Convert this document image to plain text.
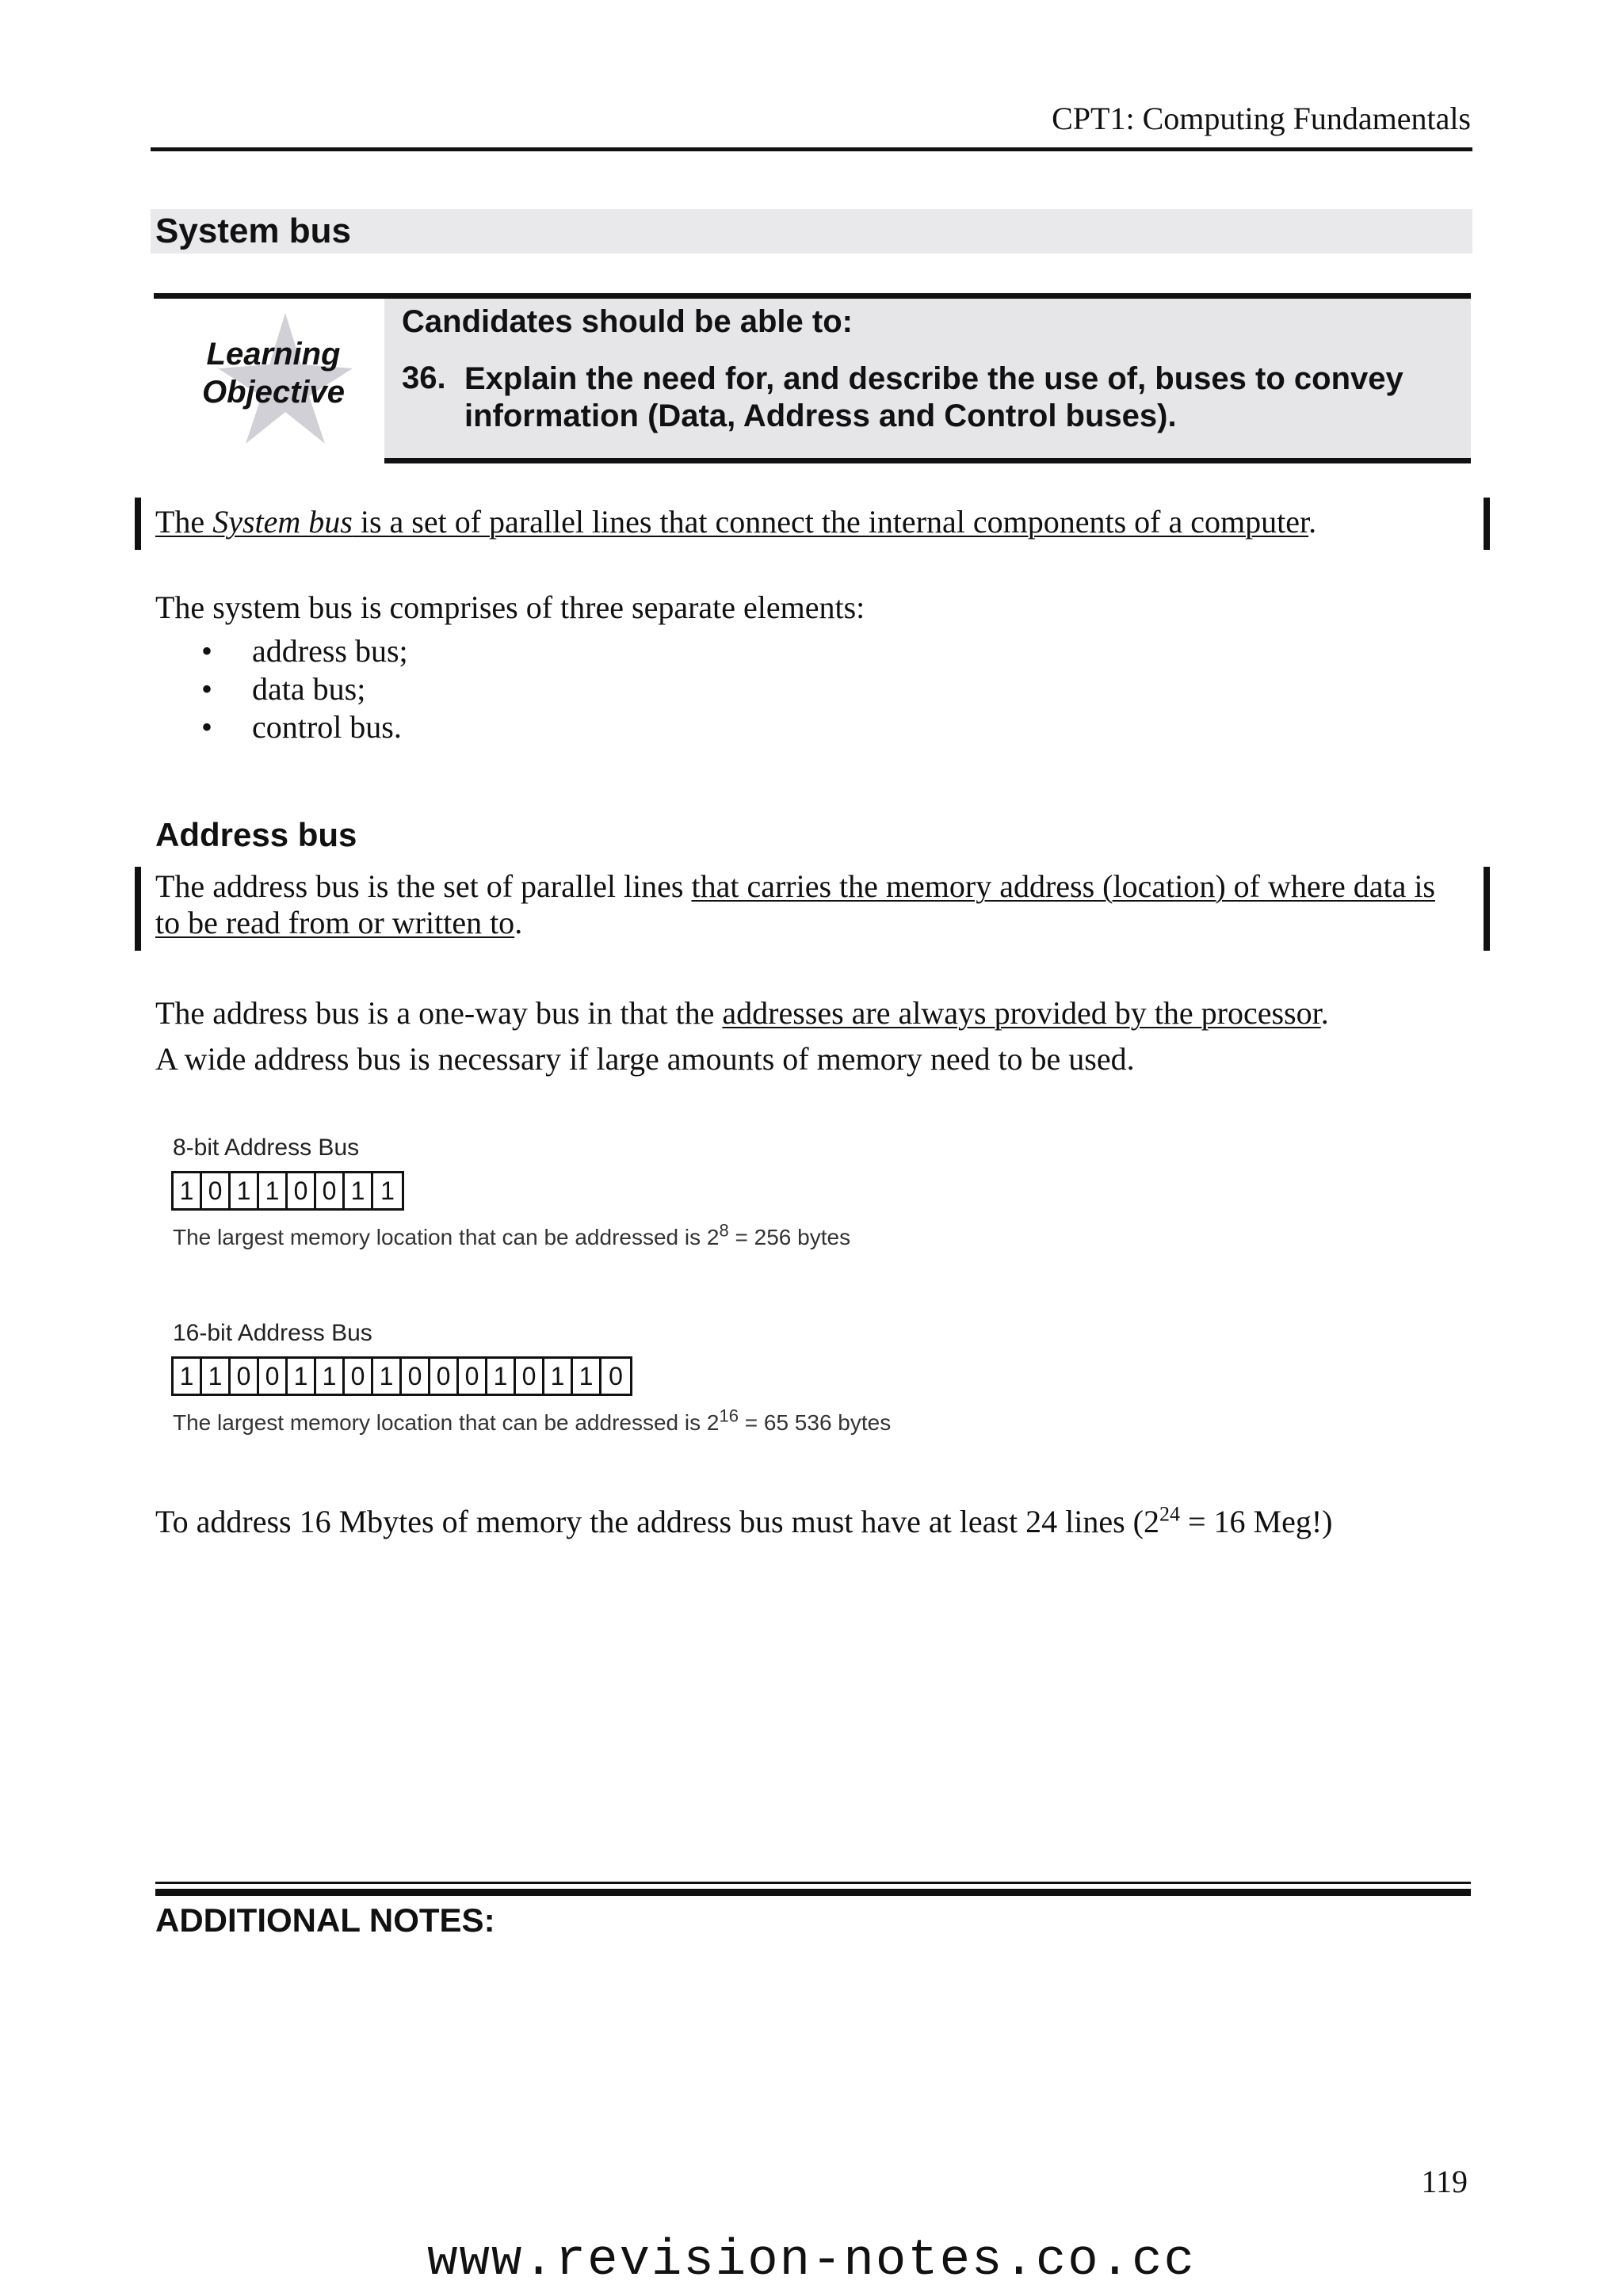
CPT1: Computing Fundamentals
System bus
Learning
Objective
Candidates should be able to:
36. Explain the need for, and describe the use of, buses to convey information (Data, Address and Control buses).
The System bus is a set of parallel lines that connect the internal components of a computer.
The system bus is comprises of three separate elements:
• address bus;
• data bus;
• control bus.
Address bus
The address bus is the set of parallel lines that carries the memory address (location) of where data is to be read from or written to.
The address bus is a one-way bus in that the addresses are always provided by the processor.
A wide address bus is necessary if large amounts of memory need to be used.
8-bit Address Bus
1 0 1 1 0 0 1 1
The largest memory location that can be addressed is $2^8 = 256$ bytes
16-bit Address Bus
1 1 0 0 1 1 0 1 0 0 0 1 0 1 1 0
The largest memory location that can be addressed is $2^{16} = 65$ 536 bytes
To address 16 Mbytes of memory the address bus must have at least 24 lines ($2^{24} = 16$ Meg!)
ADDITIONAL NOTES:
119
www.revision-notes.co.cc
